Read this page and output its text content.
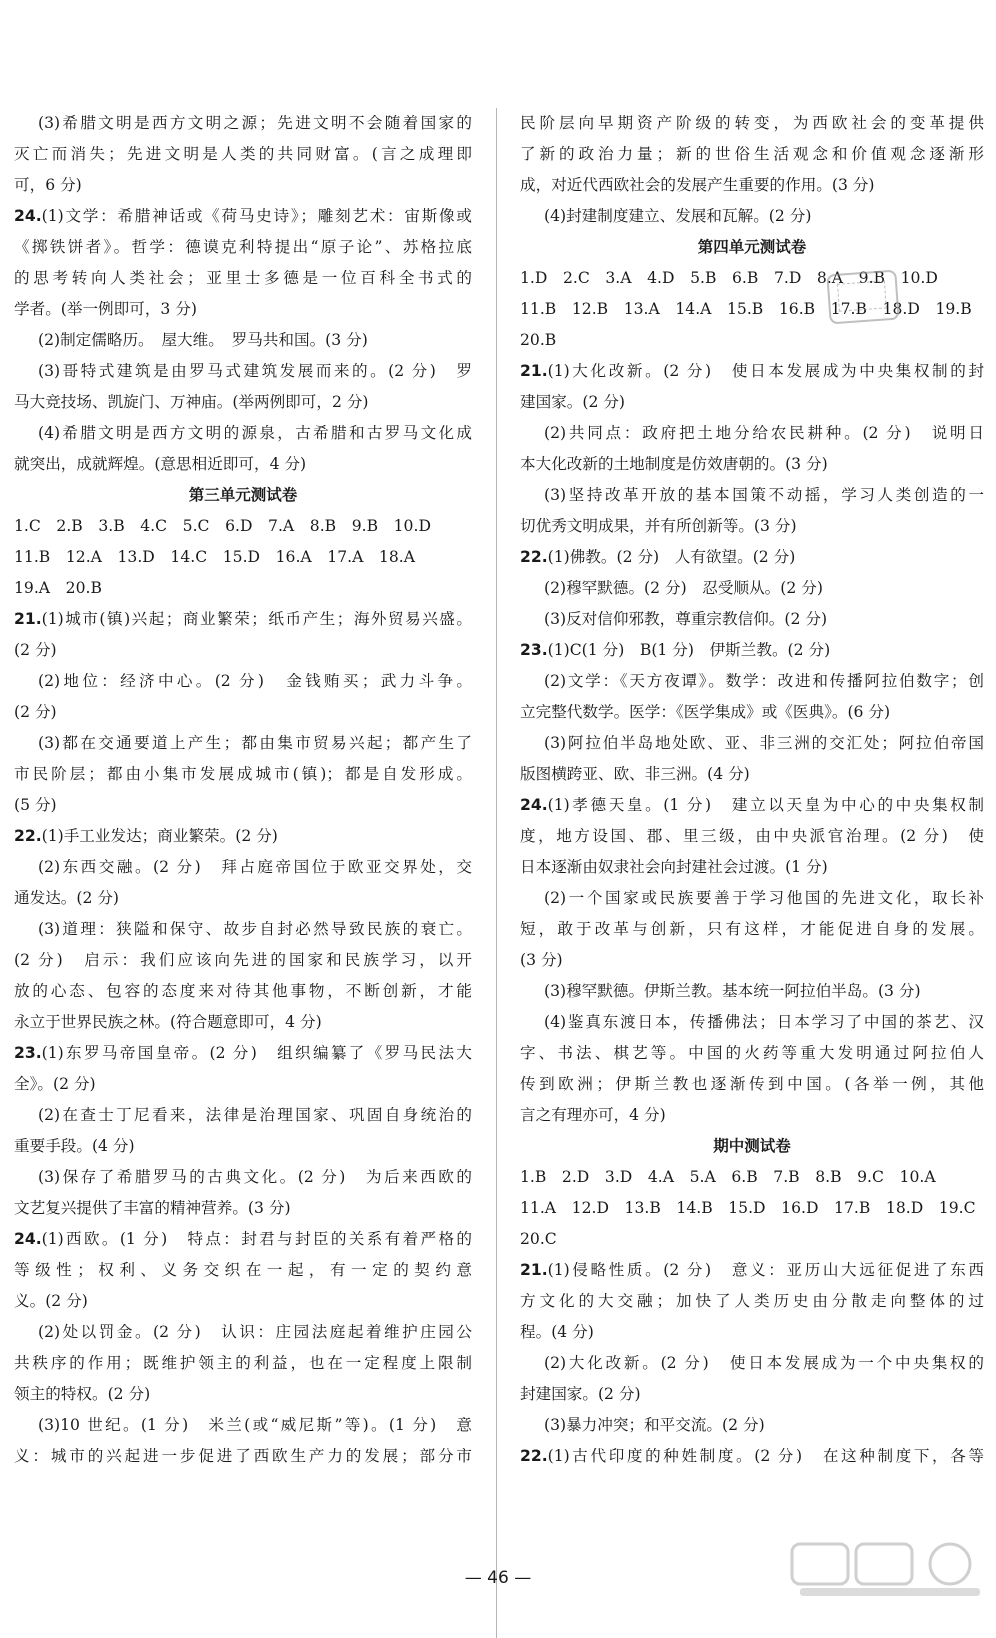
(3)希腊文明是西方文明之源；先进文明不会随着国家的
灭亡而消失；先进文明是人类的共同财富。(言之成理即
可，6 分)
24.(1)文学：希腊神话或《荷马史诗》；雕刻艺术：宙斯像或
《掷铁饼者》。哲学：德谟克利特提出“原子论”、苏格拉底
的思考转向人类社会；亚里士多德是一位百科全书式的
学者。(举一例即可，3 分)
(2)制定儒略历。　屋大维。　罗马共和国。(3 分)
(3)哥特式建筑是由罗马式建筑发展而来的。(2 分)　罗
马大竞技场、凯旋门、万神庙。(举两例即可，2 分)
(4)希腊文明是西方文明的源泉，古希腊和古罗马文化成
就突出，成就辉煌。(意思相近即可，4 分)
第三单元测试卷
1.C　2.B　3.B　4.C　5.C　6.D　7.A　8.B　9.B　10.D
11.B　12.A　13.D　14.C　15.D　16.A　17.A　18.A
19.A　20.B
21.(1)城市(镇)兴起；商业繁荣；纸币产生；海外贸易兴盛。
(2 分)
(2)地位：经济中心。(2 分)　金钱贿买；武力斗争。
(2 分)
(3)都在交通要道上产生；都由集市贸易兴起；都产生了
市民阶层；都由小集市发展成城市(镇)；都是自发形成。
(5 分)
22.(1)手工业发达；商业繁荣。(2 分)
(2)东西交融。(2 分)　拜占庭帝国位于欧亚交界处，交
通发达。(2 分)
(3)道理：狭隘和保守、故步自封必然导致民族的衰亡。
(2 分)　启示：我们应该向先进的国家和民族学习，以开
放的心态、包容的态度来对待其他事物，不断创新，才能
永立于世界民族之林。(符合题意即可，4 分)
23.(1)东罗马帝国皇帝。(2 分)　组织编纂了《罗马民法大
全》。(2 分)
(2)在查士丁尼看来，法律是治理国家、巩固自身统治的
重要手段。(4 分)
(3)保存了希腊罗马的古典文化。(2 分)　为后来西欧的
文艺复兴提供了丰富的精神营养。(3 分)
24.(1)西欧。(1 分)　特点：封君与封臣的关系有着严格的
等级性；权利、义务交织在一起，有一定的契约意
义。(2 分)
(2)处以罚金。(2 分)　认识：庄园法庭起着维护庄园公
共秩序的作用；既维护领主的利益，也在一定程度上限制
领主的特权。(2 分)
(3)10 世纪。(1 分)　米兰(或“威尼斯”等)。(1 分)　意
义：城市的兴起进一步促进了西欧生产力的发展；部分市
民阶层向早期资产阶级的转变，为西欧社会的变革提供
了新的政治力量；新的世俗生活观念和价值观念逐渐形
成，对近代西欧社会的发展产生重要的作用。(3 分)
(4)封建制度建立、发展和瓦解。(2 分)
第四单元测试卷
1.D　2.C　3.A　4.D　5.B　6.B　7.D　8.A　9.B　10.D
11.B　12.B　13.A　14.A　15.B　16.B　17.B　18.D　19.B
20.B
21.(1)大化改新。(2 分)　使日本发展成为中央集权制的封
建国家。(2 分)
(2)共同点：政府把土地分给农民耕种。(2 分)　说明日
本大化改新的土地制度是仿效唐朝的。(3 分)
(3)坚持改革开放的基本国策不动摇，学习人类创造的一
切优秀文明成果，并有所创新等。(3 分)
22.(1)佛教。(2 分)　人有欲望。(2 分)
(2)穆罕默德。(2 分)　忍受顺从。(2 分)
(3)反对信仰邪教，尊重宗教信仰。(2 分)
23.(1)C(1 分)　B(1 分)　伊斯兰教。(2 分)
(2)文学：《天方夜谭》。数学：改进和传播阿拉伯数字；创
立完整代数学。医学：《医学集成》或《医典》。(6 分)
(3)阿拉伯半岛地处欧、亚、非三洲的交汇处；阿拉伯帝国
版图横跨亚、欧、非三洲。(4 分)
24.(1)孝德天皇。(1 分)　建立以天皇为中心的中央集权制
度，地方设国、郡、里三级，由中央派官治理。(2 分)　使
日本逐渐由奴隶社会向封建社会过渡。(1 分)
(2)一个国家或民族要善于学习他国的先进文化，取长补
短，敢于改革与创新，只有这样，才能促进自身的发展。
(3 分)
(3)穆罕默德。伊斯兰教。基本统一阿拉伯半岛。(3 分)
(4)鉴真东渡日本，传播佛法；日本学习了中国的茶艺、汉
字、书法、棋艺等。中国的火药等重大发明通过阿拉伯人
传到欧洲；伊斯兰教也逐渐传到中国。(各举一例，其他
言之有理亦可，4 分)
期中测试卷
1.B　2.D　3.D　4.A　5.A　6.B　7.B　8.B　9.C　10.A
11.A　12.D　13.B　14.B　15.D　16.D　17.B　18.D　19.C
20.C
21.(1)侵略性质。(2 分)　意义：亚历山大远征促进了东西
方文化的大交融；加快了人类历史由分散走向整体的过
程。(4 分)
(2)大化改新。(2 分)　使日本发展成为一个中央集权的
封建国家。(2 分)
(3)暴力冲突；和平交流。(2 分)
22.(1)古代印度的种姓制度。(2 分)　在这种制度下，各等
— 46 —
